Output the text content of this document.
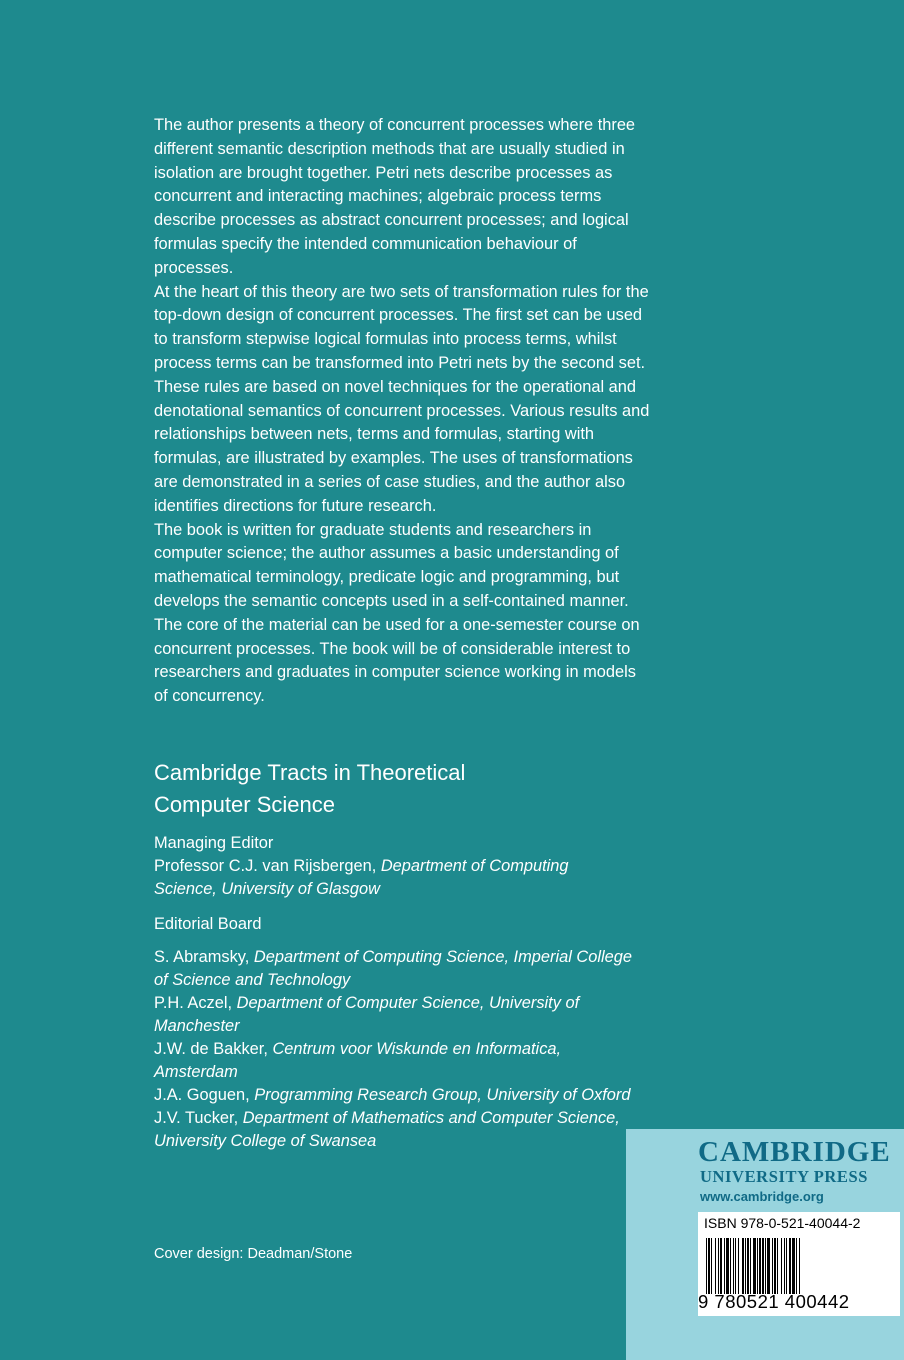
The author presents a theory of concurrent processes where three different semantic description methods that are usually studied in isolation are brought together. Petri nets describe processes as concurrent and interacting machines; algebraic process terms describe processes as abstract concurrent processes; and logical formulas specify the intended communication behaviour of processes.

At the heart of this theory are two sets of transformation rules for the top-down design of concurrent processes. The first set can be used to transform stepwise logical formulas into process terms, whilst process terms can be transformed into Petri nets by the second set. These rules are based on novel techniques for the operational and denotational semantics of concurrent processes. Various results and relationships between nets, terms and formulas, starting with formulas, are illustrated by examples. The uses of transformations are demonstrated in a series of case studies, and the author also identifies directions for future research.

The book is written for graduate students and researchers in computer science; the author assumes a basic understanding of mathematical terminology, predicate logic and programming, but develops the semantic concepts used in a self-contained manner. The core of the material can be used for a one-semester course on concurrent processes. The book will be of considerable interest to researchers and graduates in computer science working in models of concurrency.

Cambridge Tracts in Theoretical
Computer Science

Managing Editor

Professor C.J. van Rijsbergen, Department of Computing Science, University of Glasgow

Editorial Board

S. Abramsky, Department of Computing Science, Imperial College of Science and Technology

P.H. Aczel, Department of Computer Science, University of Manchester

J.W. de Bakker, Centrum voor Wiskunde en Informatica, Amsterdam

J.A. Goguen, Programming Research Group, University of Oxford

J.V. Tucker, Department of Mathematics and Computer Science, University College of Swansea

Cover design: Deadman/Stone
CAMBRIDGE
UNIVERSITY PRESS
www.cambridge.org
ISBN 978-0-521-40044-2
9 780521 400442
